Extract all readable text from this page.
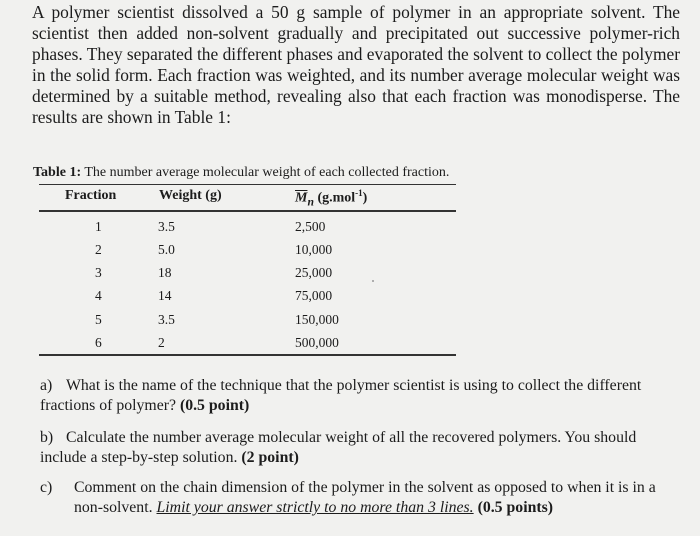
A polymer scientist dissolved a 50 g sample of polymer in an appropriate solvent. The scientist then added non-solvent gradually and precipitated out successive polymer-rich phases. They separated the different phases and evaporated the solvent to collect the polymer in the solid form. Each fraction was weighted, and its number average molecular weight was determined by a suitable method, revealing also that each fraction was monodisperse. The results are shown in Table 1:
Table 1: The number average molecular weight of each collected fraction.
Fraction	Weight (g)	$\overline{M}_n$ (g.mol$^{-1}$)
1	3.5	2,500
2	5.0	10,000
3	18	25,000
4	14	75,000
5	3.5	150,000
6	2	500,000
a) What is the name of the technique that the polymer scientist is using to collect the different fractions of polymer? (0.5 point)
b) Calculate the number average molecular weight of all the recovered polymers. You should include a step-by-step solution. (2 point)
c)	Comment on the chain dimension of the polymer in the solvent as opposed to when it is in a non-solvent. Limit your answer strictly to no more than 3 lines. (0.5 points)
